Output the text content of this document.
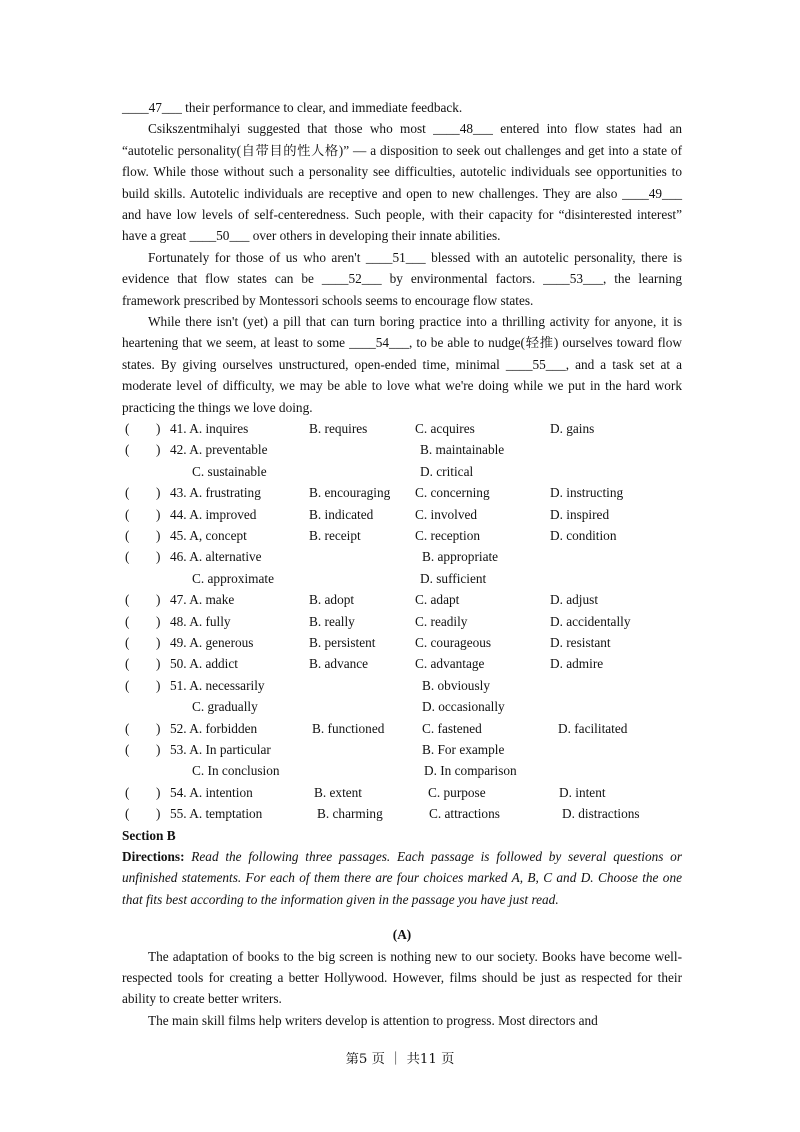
____47___ their performance to clear, and immediate feedback.

Csikszentmihalyi suggested that those who most ____48___ entered into flow states had an “autotelic personality(自带目的性人格)” — a disposition to seek out challenges and get into a state of flow. While those without such a personality see difficulties, autotelic individuals see opportunities to build skills. Autotelic individuals are receptive and open to new challenges. They are also ____49___ and have low levels of self-centeredness. Such people, with their capacity for “disinterested interest” have a great ____50___ over others in developing their innate abilities.

Fortunately for those of us who aren't ____51___ blessed with an autotelic personality, there is evidence that flow states can be ____52___ by environmental factors. ____53___, the learning framework prescribed by Montessori schools seems to encourage flow states.

While there isn't (yet) a pill that can turn boring practice into a thrilling activity for anyone, it is heartening that we seem, at least to some ____54___, to be able to nudge(轻推) ourselves toward flow states. By giving ourselves unstructured, open-ended time, minimal ____55___, and a task set at a moderate level of difficulty, we may be able to love what we're doing while we put in the hard work practicing the things we love doing.

(　　) 41. A. inquires	B. requires	C. acquires	D. gains
(　　) 42. A. preventable	B. maintainable
C. sustainable	D. critical
(　　) 43. A. frustrating	B. encouraging C. concerning	D. instructing
(　　) 44. A. improved	B. indicated	C. involved	D. inspired
(　　) 45. A, concept	B. receipt	C. reception	D. condition
(　　) 46. A. alternative	B. appropriate
C. approximate	D. sufficient
(　　) 47. A. make	B. adopt	C. adapt	D. adjust
(　　) 48. A. fully	B. really	C. readily	D. accidentally
(　　) 49. A. generous	B. persistent	C. courageous	D. resistant
(　　) 50. A. addict	B. advance	C. advantage	D. admire
(　　) 51. A. necessarily	B. obviously
C. gradually	D. occasionally
(　　) 52. A. forbidden	B. functioned	C. fastened	D. facilitated
(　　) 53. A. In particular	B. For example
C. In conclusion	D. In comparison
(　　) 54. A. intention	B. extent	C. purpose	D. intent
(　　) 55. A. temptation	B. charming	C. attractions	D. distractions

Section B

Directions: Read the following three passages. Each passage is followed by several questions or unfinished statements. For each of them there are four choices marked A, B, C and D. Choose the one that fits best according to the information given in the passage you have just read.

(A)

The adaptation of books to the big screen is nothing new to our society. Books have become well-respected tools for creating a better Hollywood. However, films should be just as respected for their ability to create better writers.

The main skill films help writers develop is attention to progress. Most directors and

第5 页 ｜ 共11 页
